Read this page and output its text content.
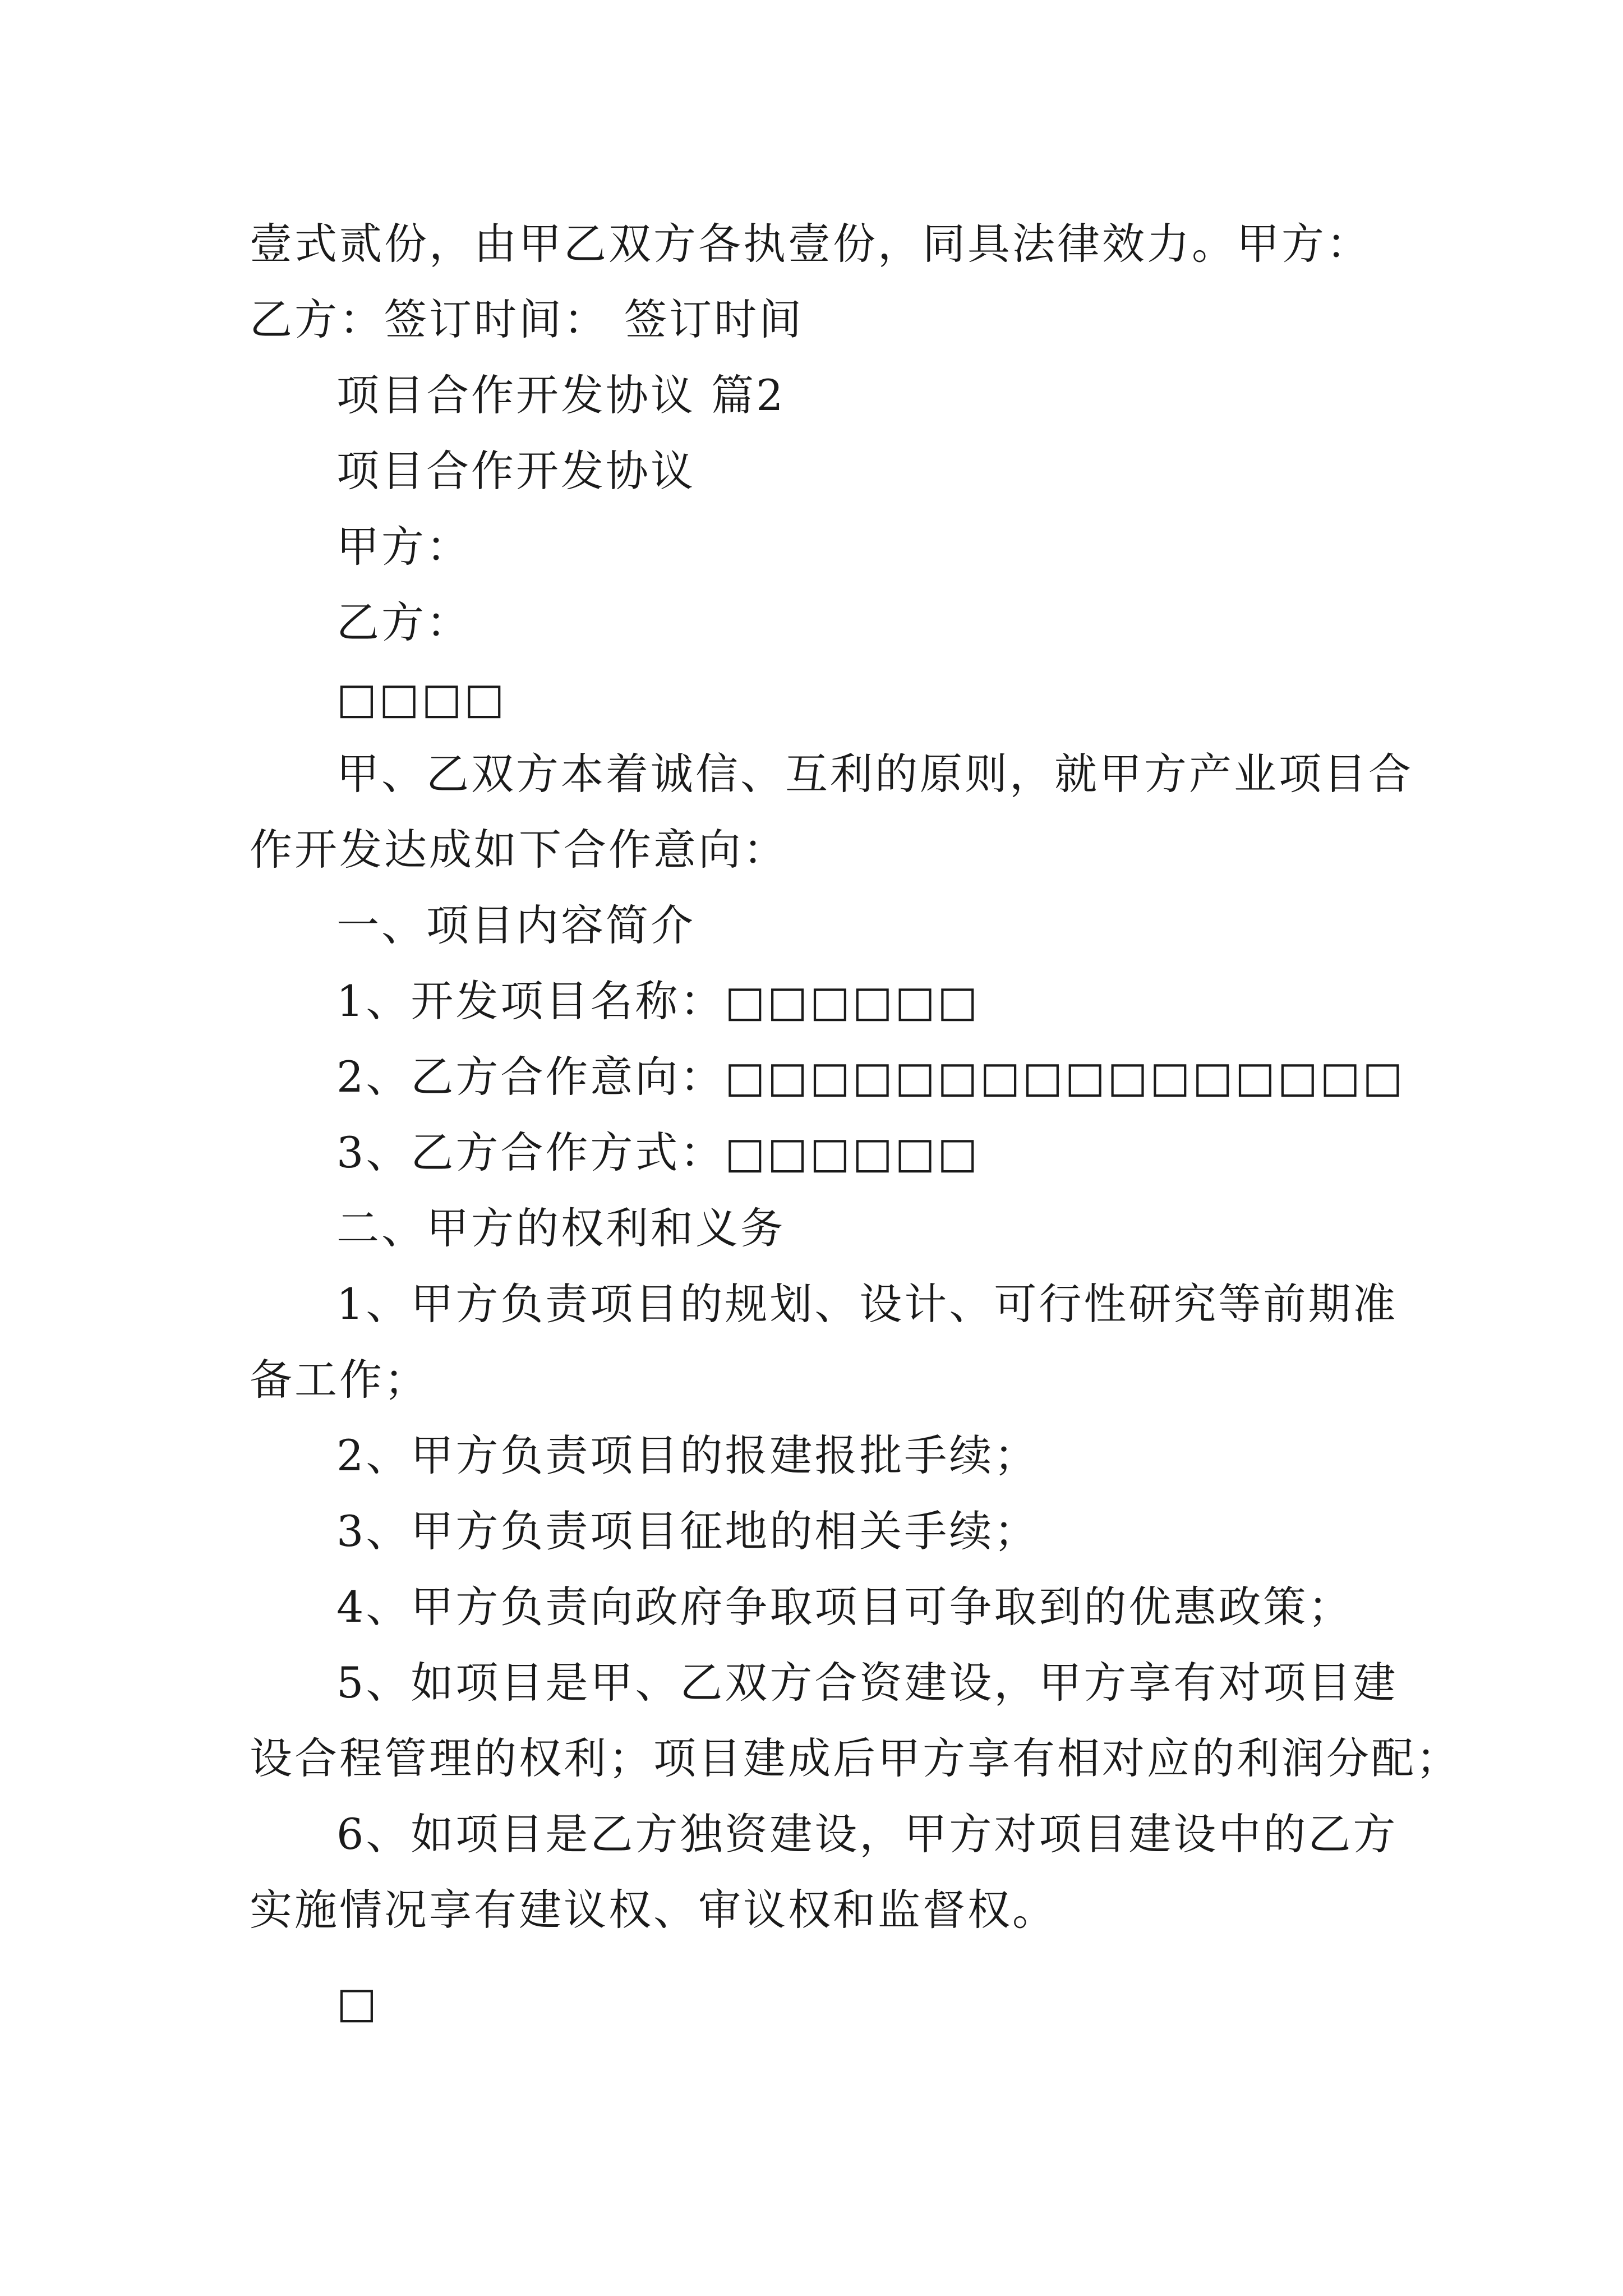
壹式贰份，由甲乙双方各执壹份，同具法律效力。甲方：
乙方：签订时间： 签订时间
项目合作开发协议 篇2
项目合作开发协议
甲方：
乙方：
□□□□
甲、乙双方本着诚信、互利的原则，就甲方产业项目合
作开发达成如下合作意向：
一、项目内容简介
1、开发项目名称：□□□□□□
2、乙方合作意向：□□□□□□□□□□□□□□□□
3、乙方合作方式：□□□□□□
二、甲方的权利和义务
1、甲方负责项目的规划、设计、可行性研究等前期准
备工作；
2、甲方负责项目的报建报批手续；
3、甲方负责项目征地的相关手续；
4、甲方负责向政府争取项目可争取到的优惠政策；
5、如项目是甲、乙双方合资建设，甲方享有对项目建
设合程管理的权利；项目建成后甲方享有相对应的利润分配；
6、如项目是乙方独资建设，甲方对项目建设中的乙方
实施情况享有建议权、审议权和监督权。
□
